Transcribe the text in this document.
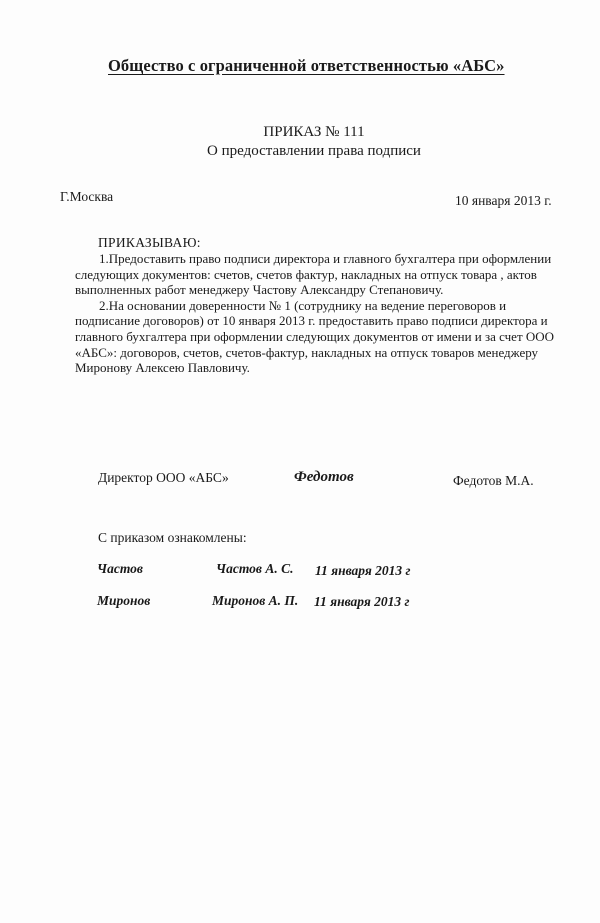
Общество с ограниченной ответственностью «АБС»
ПРИКАЗ № 111
О предоставлении права подписи
Г.Москва	10 января 2013 г.
ПРИКАЗЫВАЮ:
1.Предоставить право подписи директора и главного бухгалтера при оформлении
следующих документов: счетов, счетов фактур, накладных на отпуск товара , актов
выполненных работ менеджеру Частову Александру Степановичу.
2.На основании доверенности № 1 (сотруднику на ведение переговоров и
подписание договоров) от 10 января 2013 г. предоставить право подписи директора и
главного бухгалтера при оформлении следующих документов от имени и за счет ООО
«АБС»: договоров, счетов, счетов-фактур, накладных на отпуск товаров менеджеру
Миронову Алексею Павловичу.
Директор ООО «АБС»	Федотов	Федотов М.А.
С приказом ознакомлены:
Частов	Частов А. С. 11 января 2013 г
Миронов	Миронов А. П. 11 января 2013 г
